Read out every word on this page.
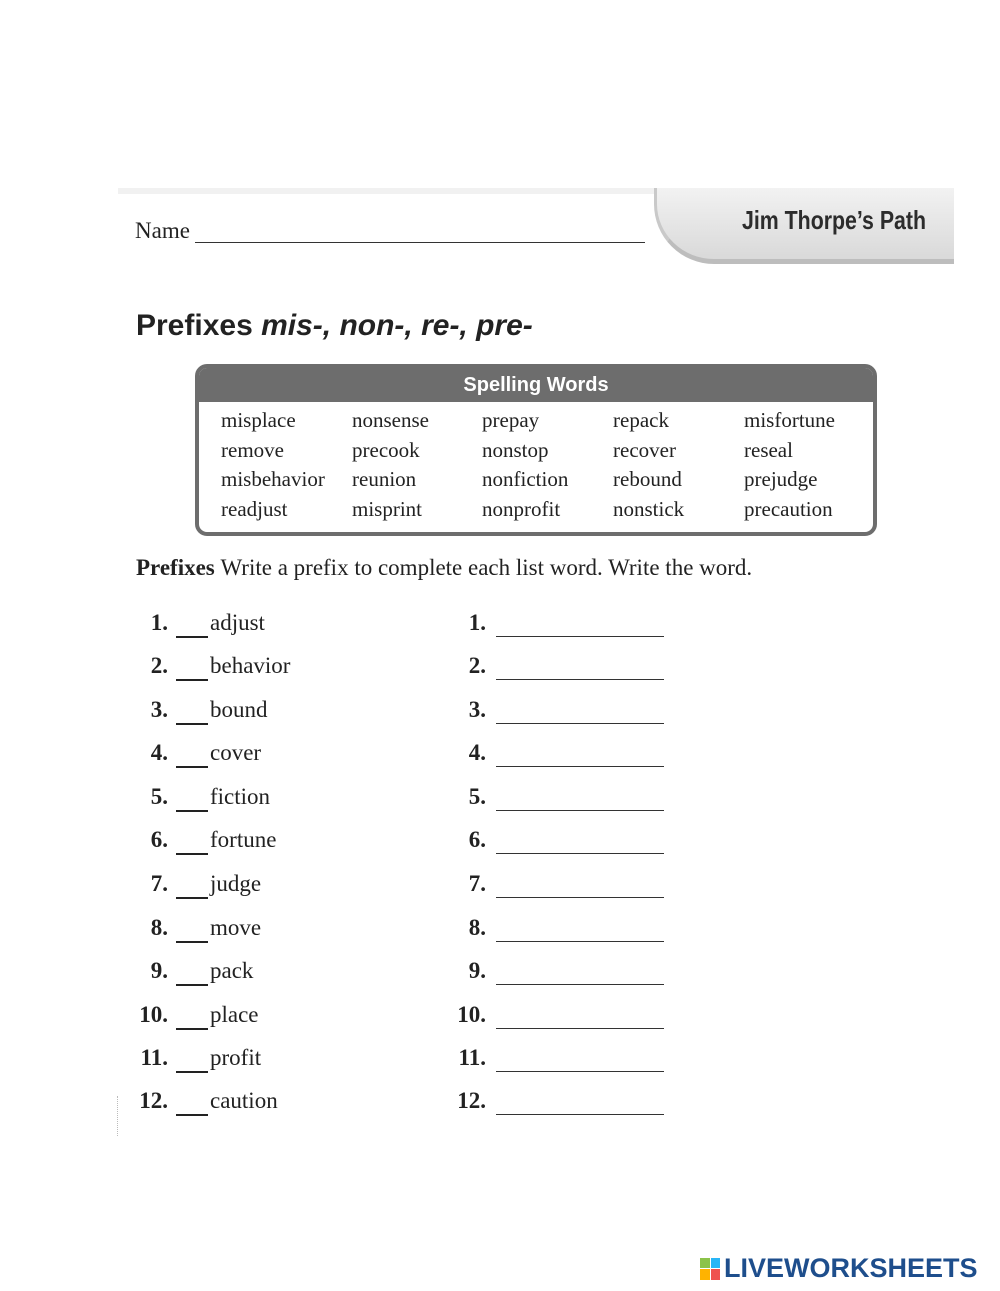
Name	Jim Thorpe’s Path
Prefixes mis-, non-, re-, pre-
Spelling Words
misplace	nonsense	prepay	repack	misfortune
remove	precook	nonstop	recover	reseal
misbehavior	reunion	nonfiction	rebound	prejudge
readjust	misprint	nonprofit	nonstick	precaution
Prefixes Write a prefix to complete each list word. Write the word.
1. adjust	1.
2. behavior	2.
3. bound	3.
4. cover	4.
5. fiction	5.
6. fortune	6.
7. judge	7.
8. move	8.
9. pack	9.
10. place	10.
11. profit	11.
12. caution	12.
LIVEWORKSHEETS
